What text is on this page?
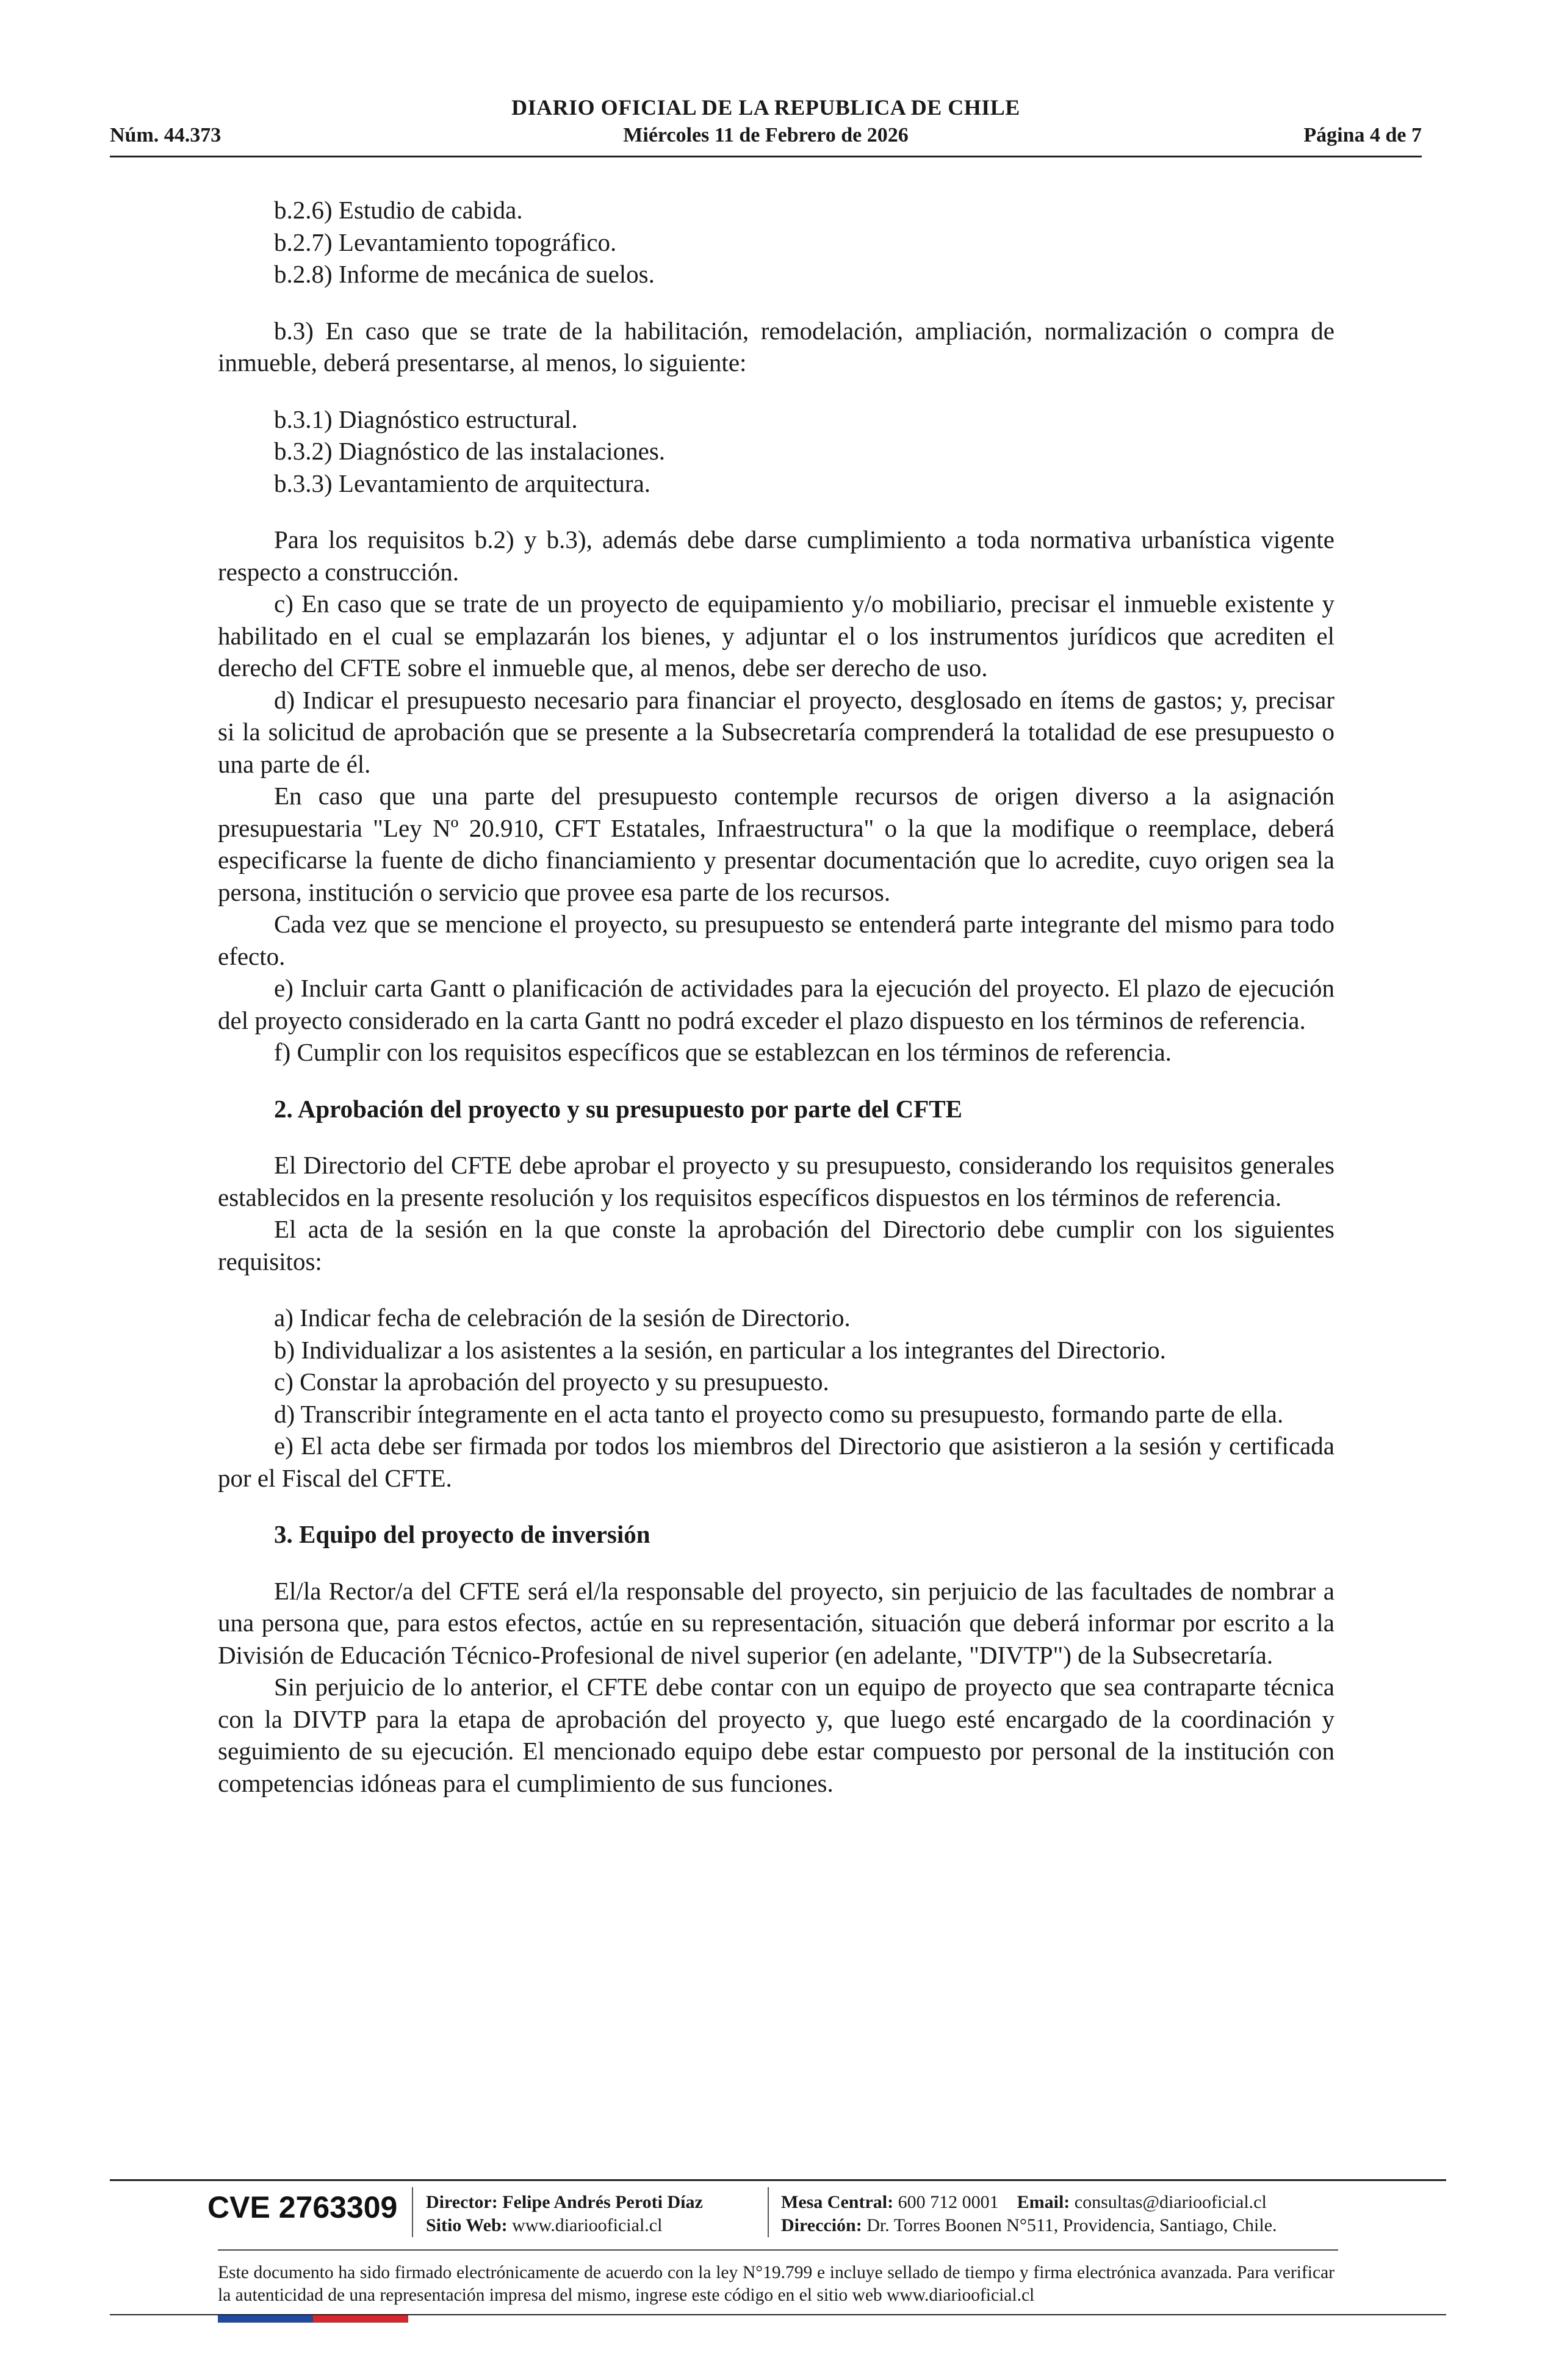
DIARIO OFICIAL DE LA REPUBLICA DE CHILE
Núm. 44.373	Miércoles 11 de Febrero de 2026	Página 4 de 7

b.2.6) Estudio de cabida.

b.2.7) Levantamiento topográfico.

b.2.8) Informe de mecánica de suelos.

b.3) En caso que se trate de la habilitación, remodelación, ampliación, normalización o compra de inmueble, deberá presentarse, al menos, lo siguiente:

b.3.1) Diagnóstico estructural.

b.3.2) Diagnóstico de las instalaciones.

b.3.3) Levantamiento de arquitectura.

Para los requisitos b.2) y b.3), además debe darse cumplimiento a toda normativa urbanística vigente respecto a construcción.

c) En caso que se trate de un proyecto de equipamiento y/o mobiliario, precisar el inmueble existente y habilitado en el cual se emplazarán los bienes, y adjuntar el o los instrumentos jurídicos que acrediten el derecho del CFTE sobre el inmueble que, al menos, debe ser derecho de uso.

d) Indicar el presupuesto necesario para financiar el proyecto, desglosado en ítems de gastos; y, precisar si la solicitud de aprobación que se presente a la Subsecretaría comprenderá la totalidad de ese presupuesto o una parte de él.

En caso que una parte del presupuesto contemple recursos de origen diverso a la asignación presupuestaria "Ley Nº 20.910, CFT Estatales, Infraestructura" o la que la modifique o reemplace, deberá especificarse la fuente de dicho financiamiento y presentar documentación que lo acredite, cuyo origen sea la persona, institución o servicio que provee esa parte de los recursos.

Cada vez que se mencione el proyecto, su presupuesto se entenderá parte integrante del mismo para todo efecto.

e) Incluir carta Gantt o planificación de actividades para la ejecución del proyecto. El plazo de ejecución del proyecto considerado en la carta Gantt no podrá exceder el plazo dispuesto en los términos de referencia.

f) Cumplir con los requisitos específicos que se establezcan en los términos de referencia.

2. Aprobación del proyecto y su presupuesto por parte del CFTE

El Directorio del CFTE debe aprobar el proyecto y su presupuesto, considerando los requisitos generales establecidos en la presente resolución y los requisitos específicos dispuestos en los términos de referencia.

El acta de la sesión en la que conste la aprobación del Directorio debe cumplir con los siguientes requisitos:

a) Indicar fecha de celebración de la sesión de Directorio.

b) Individualizar a los asistentes a la sesión, en particular a los integrantes del Directorio.

c) Constar la aprobación del proyecto y su presupuesto.

d) Transcribir íntegramente en el acta tanto el proyecto como su presupuesto, formando parte de ella.

e) El acta debe ser firmada por todos los miembros del Directorio que asistieron a la sesión y certificada por el Fiscal del CFTE.

3. Equipo del proyecto de inversión

El/la Rector/a del CFTE será el/la responsable del proyecto, sin perjuicio de las facultades de nombrar a una persona que, para estos efectos, actúe en su representación, situación que deberá informar por escrito a la División de Educación Técnico-Profesional de nivel superior (en adelante, "DIVTP") de la Subsecretaría.

Sin perjuicio de lo anterior, el CFTE debe contar con un equipo de proyecto que sea contraparte técnica con la DIVTP para la etapa de aprobación del proyecto y, que luego esté encargado de la coordinación y seguimiento de su ejecución. El mencionado equipo debe estar compuesto por personal de la institución con competencias idóneas para el cumplimiento de sus funciones.

CVE 2763309 Director: Felipe Andrés Peroti Díaz
Sitio Web: www.diariooficial.cl
Mesa Central: 600 712 0001 Email: consultas@diariooficial.cl
Dirección: Dr. Torres Boonen N°511, Providencia, Santiago, Chile.
Este documento ha sido firmado electrónicamente de acuerdo con la ley N°19.799 e incluye sellado de tiempo y firma electrónica avanzada. Para verificar la autenticidad de una representación impresa del mismo, ingrese este código en el sitio web www.diariooficial.cl
